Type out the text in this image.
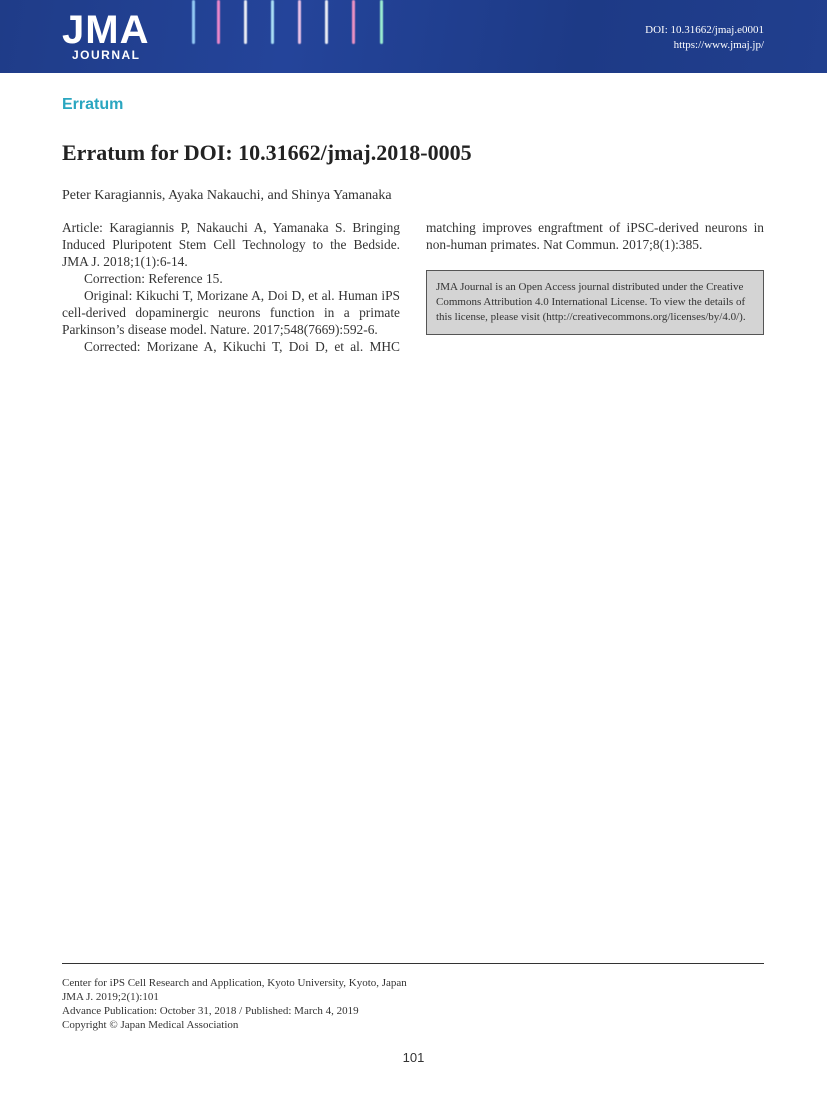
JMA
JOURNAL
DOI: 10.31662/jmaj.e0001
https://www.jmaj.jp/
Erratum
Erratum for DOI: 10.31662/jmaj.2018-0005
Peter Karagiannis, Ayaka Nakauchi, and Shinya Yamanaka

Article: Karagiannis P, Nakauchi A, Yamanaka S. Bringing Induced Pluripotent Stem Cell Technology to the Bedside. JMA J. 2018;1(1):6-14.

Correction: Reference 15.

Original: Kikuchi T, Morizane A, Doi D, et al. Human iPS cell-derived dopaminergic neurons function in a primate Parkinson’s disease model. Nature. 2017;548(7669):592-6.

Corrected: Morizane A, Kikuchi T, Doi D, et al. MHC

matching improves engraftment of iPSC-derived neurons in non-human primates. Nat Commun. 2017;8(1):385.

JMA Journal is an Open Access journal distributed under the Creative Commons Attribution 4.0 International License. To view the details of this license, please visit (http://creativecommons.org/licenses/by/4.0/).
Center for iPS Cell Research and Application, Kyoto University, Kyoto, Japan
JMA J. 2019;2(1):101
Advance Publication: October 31, 2018 / Published: March 4, 2019
Copyright © Japan Medical Association
101
